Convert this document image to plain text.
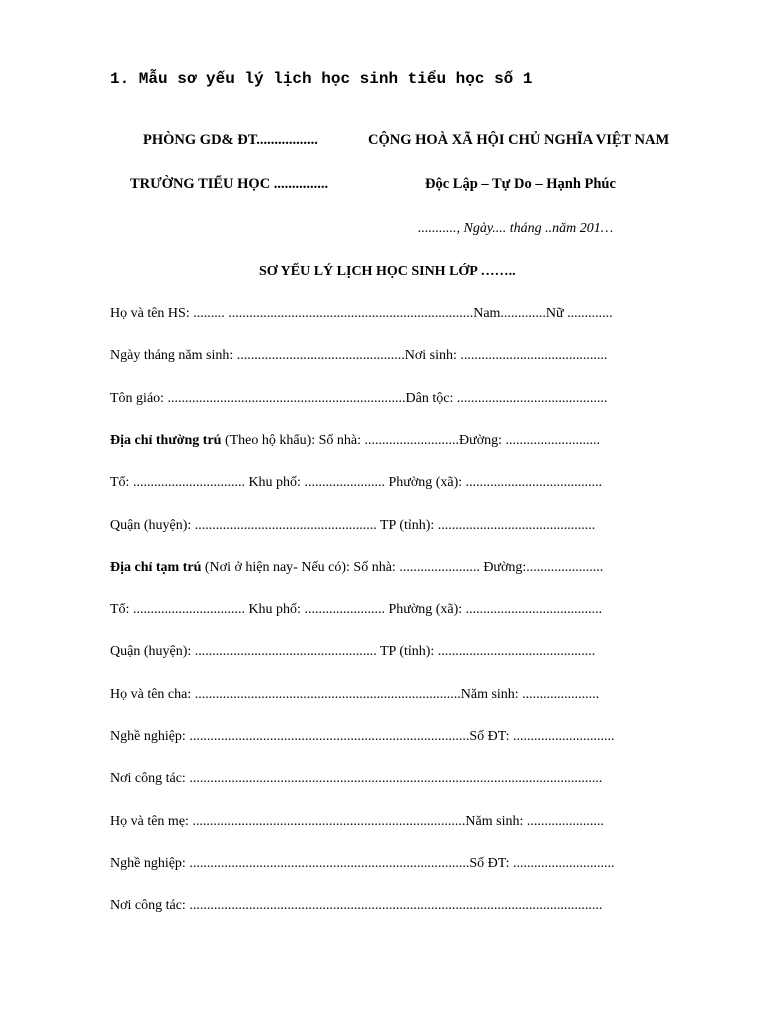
1. Mẫu sơ yếu lý lịch học sinh tiểu học số 1
PHÒNG GD& ĐT.................	CỘNG HOÀ XÃ HỘI CHỦ NGHĨA VIỆT NAM
TRƯỜNG TIỂU HỌC ...............	Độc Lập – Tự Do – Hạnh Phúc
..........., Ngày.... tháng ..năm 201…
SƠ YẾU LÝ LỊCH HỌC SINH LỚP ……..
Họ và tên HS: ......... ......................................................................Nam.............Nữ .............
Ngày tháng năm sinh: ................................................Nơi sinh: ..........................................
Tôn giáo: ....................................................................Dân tộc: ...........................................
Địa chỉ thường trú (Theo hộ khẩu): Số nhà: ...........................Đường: ...........................
Tổ: ................................ Khu phố: ....................... Phường (xã): .......................................
Quận (huyện): .................................................... TP (tỉnh): .............................................
Địa chỉ tạm trú (Nơi ở hiện nay- Nếu có): Số nhà: ....................... Đường:......................
Tổ: ................................ Khu phố: ....................... Phường (xã): .......................................
Quận (huyện): .................................................... TP (tỉnh): .............................................
Họ và tên cha: ............................................................................Năm sinh: ......................
Nghề nghiệp: ................................................................................Số ĐT: .............................
Nơi công tác: ......................................................................................................................
Họ và tên mẹ: ..............................................................................Năm sinh: ......................
Nghề nghiệp: ................................................................................Số ĐT: .............................
Nơi công tác: ......................................................................................................................
